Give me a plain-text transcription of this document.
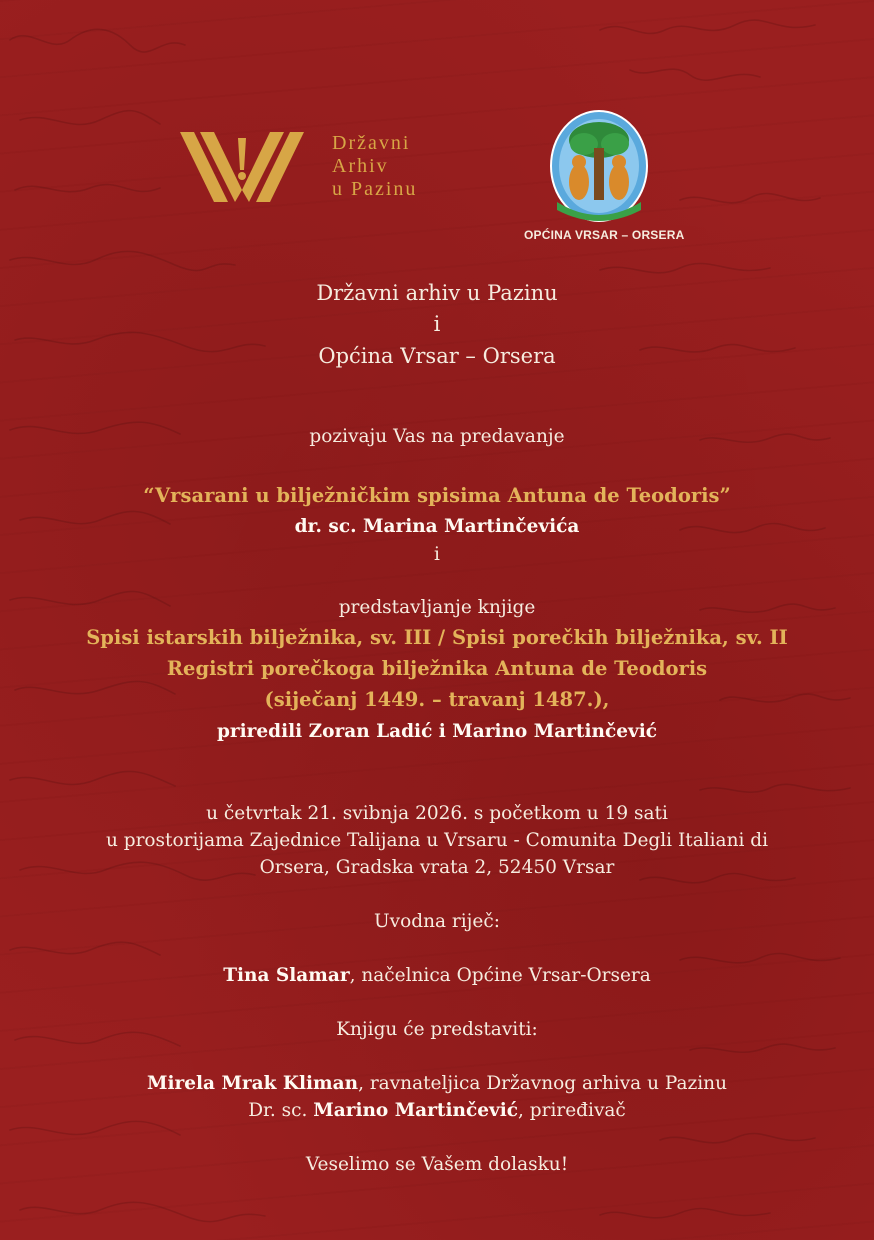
Državni
Arhiv
u Pazinu
OPĆINA VRSAR – ORSERA
Državni arhiv u Pazinu
i
Općina Vrsar – Orsera
pozivaju Vas na predavanje
“Vrsarani u bilježničkim spisima Antuna de Teodoris”
dr. sc. Marina Martinčevića
i
predstavljanje knjige
Spisi istarskih bilježnika, sv. III / Spisi porečkih bilježnika, sv. II
Registri porečkoga bilježnika Antuna de Teodoris
(siječanj 1449. – travanj 1487.),
priredili Zoran Ladić i Marino Martinčević
u četvrtak 21. svibnja 2026. s početkom u 19 sati
u prostorijama Zajednice Talijana u Vrsaru - Comunita Degli Italiani di
Orsera, Gradska vrata 2, 52450 Vrsar
Uvodna riječ:
Tina Slamar, načelnica Općine Vrsar-Orsera
Knjigu će predstaviti:
Mirela Mrak Kliman, ravnateljica Državnog arhiva u Pazinu
Dr. sc. Marino Martinčević, priređivač
Veselimo se Vašem dolasku!
